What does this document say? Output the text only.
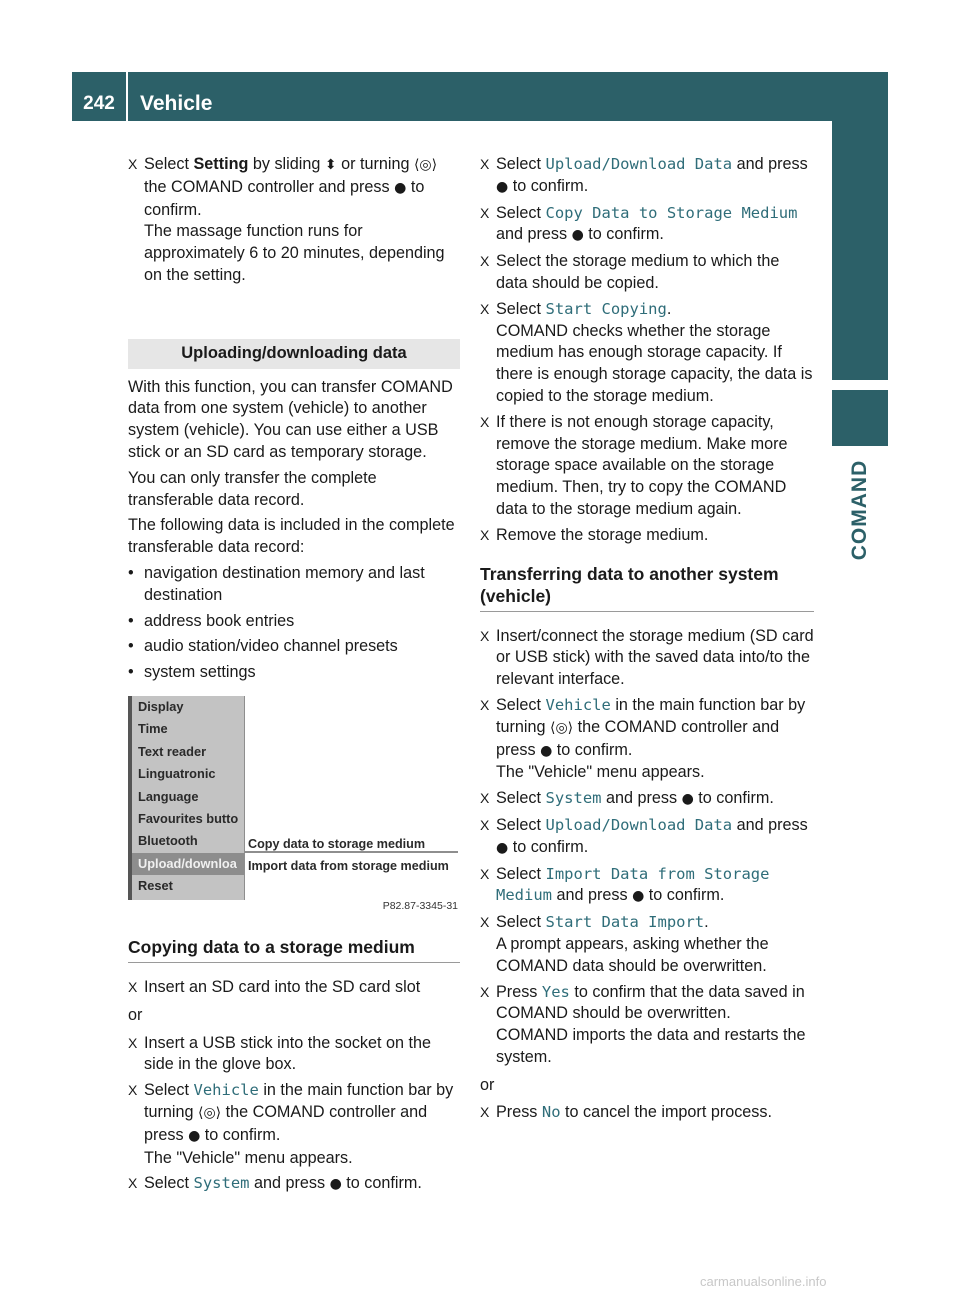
242	Vehicle
COMAND
X Select Setting by sliding ⬍ or turning ⟨◎⟩ the COMAND controller and press ● to confirm.
The massage function runs for approximately 6 to 20 minutes, depending on the setting.
Uploading/downloading data
With this function, you can transfer COMAND data from one system (vehicle) to another system (vehicle). You can use either a USB stick or an SD card as temporary storage.
You can only transfer the complete transferable data record.
The following data is included in the complete transferable data record:
• navigation destination memory and last destination
• address book entries
• audio station/video channel presets
• system settings
Display
Time
Text reader
Linguatronic
Language
Favourites butto
Bluetooth
Upload/downloa
Reset
Copy data to storage medium
Import data from storage medium
P82.87-3345-31
Copying data to a storage medium
X Insert an SD card into the SD card slot
or
X Insert a USB stick into the socket on the side in the glove box.
X Select Vehicle in the main function bar by turning ⟨◎⟩ the COMAND controller and press ● to confirm.
The "Vehicle" menu appears.
X Select System and press ● to confirm.
X Select Upload/Download Data and press ● to confirm.
X Select Copy Data to Storage Medium and press ● to confirm.
X Select the storage medium to which the data should be copied.
X Select Start Copying.
COMAND checks whether the storage medium has enough storage capacity. If there is enough storage capacity, the data is copied to the storage medium.
X If there is not enough storage capacity, remove the storage medium. Make more storage space available on the storage medium. Then, try to copy the COMAND data to the storage medium again.
X Remove the storage medium.
Transferring data to another system (vehicle)
X Insert/connect the storage medium (SD card or USB stick) with the saved data into/to the relevant interface.
X Select Vehicle in the main function bar by turning ⟨◎⟩ the COMAND controller and press ● to confirm.
The "Vehicle" menu appears.
X Select System and press ● to confirm.
X Select Upload/Download Data and press ● to confirm.
X Select Import Data from Storage Medium and press ● to confirm.
X Select Start Data Import.
A prompt appears, asking whether the COMAND data should be overwritten.
X Press Yes to confirm that the data saved in COMAND should be overwritten.
COMAND imports the data and restarts the system.
or
X Press No to cancel the import process.
carmanualsonline.info
